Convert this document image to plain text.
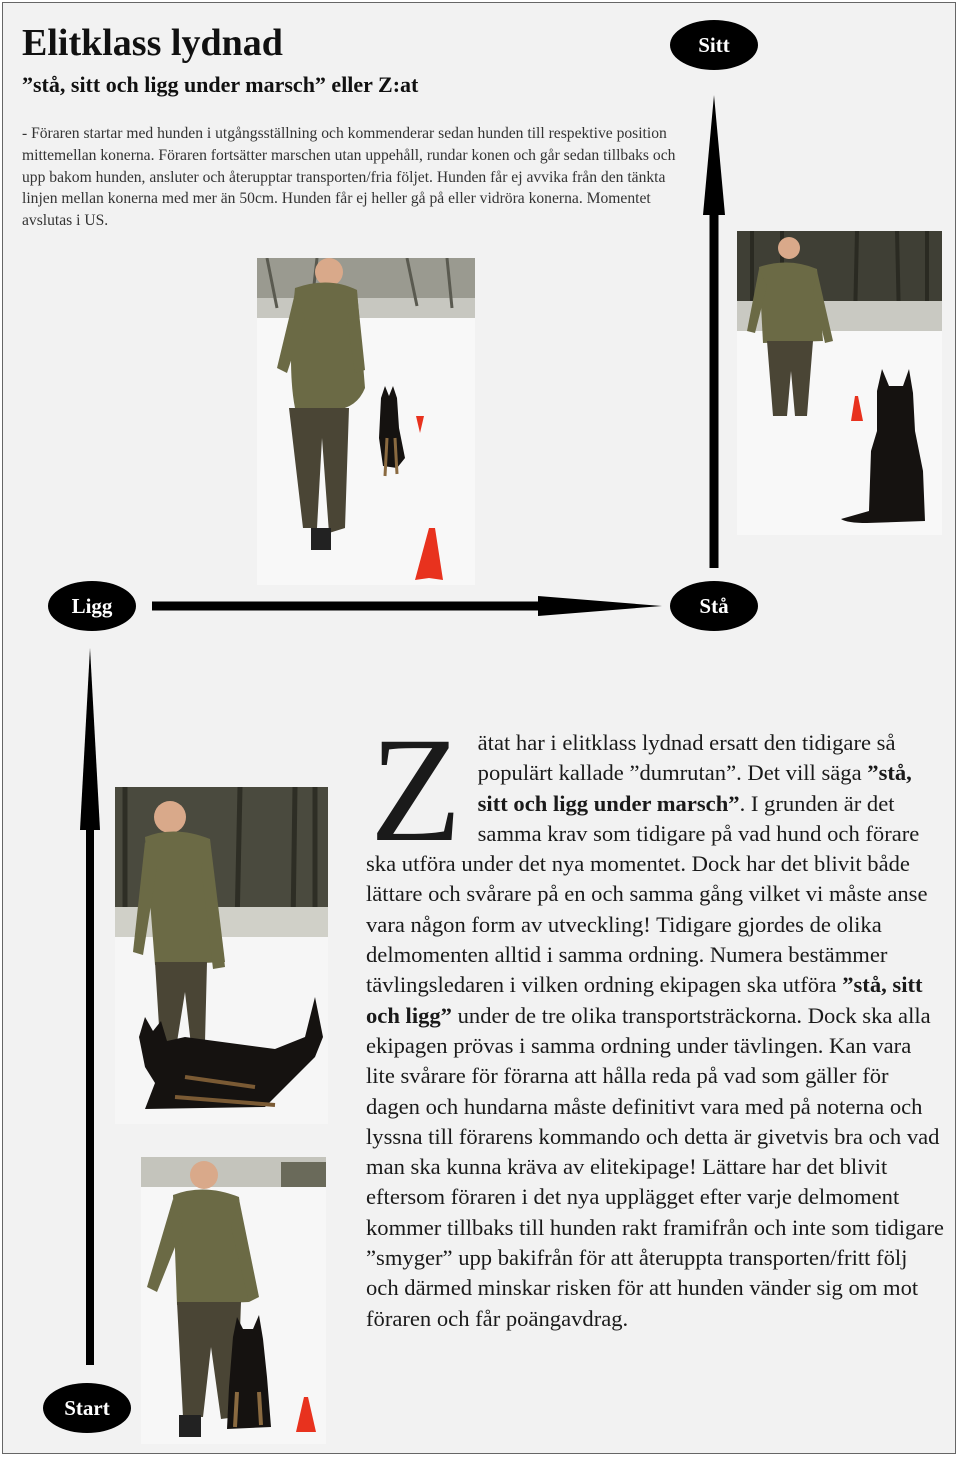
Elitklass lydnad
”stå, sitt och ligg under marsch” eller Z:at
- Föraren startar med hunden i utgångsställning och kommenderar sedan hunden till respektive position mittemellan konerna. Föraren fortsätter marschen utan uppehåll, rundar konen och går sedan tillbaks och upp bakom hunden, ansluter och återupptar transporten/fria följet. Hunden får ej avvika från den tänkta linjen mellan konerna med mer än 50cm. Hunden får ej heller gå på eller vidröra konerna. Momentet avslutas i US.
Sitt
Stå
Ligg
Start
Z ätat har i elitklass lydnad ersatt den tidigare så populärt kallade ”dumrutan”. Det vill säga ”stå, sitt och ligg under marsch”. I grunden är det samma krav som tidigare på vad hund och förare ska utföra under det nya momentet. Dock har det blivit både lättare och svårare på en och samma gång vilket vi måste anse vara någon form av utveckling! Tidigare gjordes de olika delmomenten alltid i samma ordning. Numera bestämmer tävlingsledaren i vilken ordning ekipagen ska utföra ”stå, sitt och ligg” under de tre olika transportsträckorna. Dock ska alla ekipagen prövas i samma ordning under tävlingen. Kan vara lite svårare för förarna att hålla reda på vad som gäller för dagen och hundarna måste definitivt vara med på noterna och lyssna till förarens kommando och detta är givetvis bra och vad man ska kunna kräva av elitekipage! Lättare har det blivit eftersom föraren i det nya upplägget efter varje delmoment kommer tillbaks till hunden rakt framifrån och inte som tidigare ”smyger” upp bakifrån för att återuppta transporten/fritt följ och därmed minskar risken för att hunden vänder sig om mot föraren och får poängavdrag.
